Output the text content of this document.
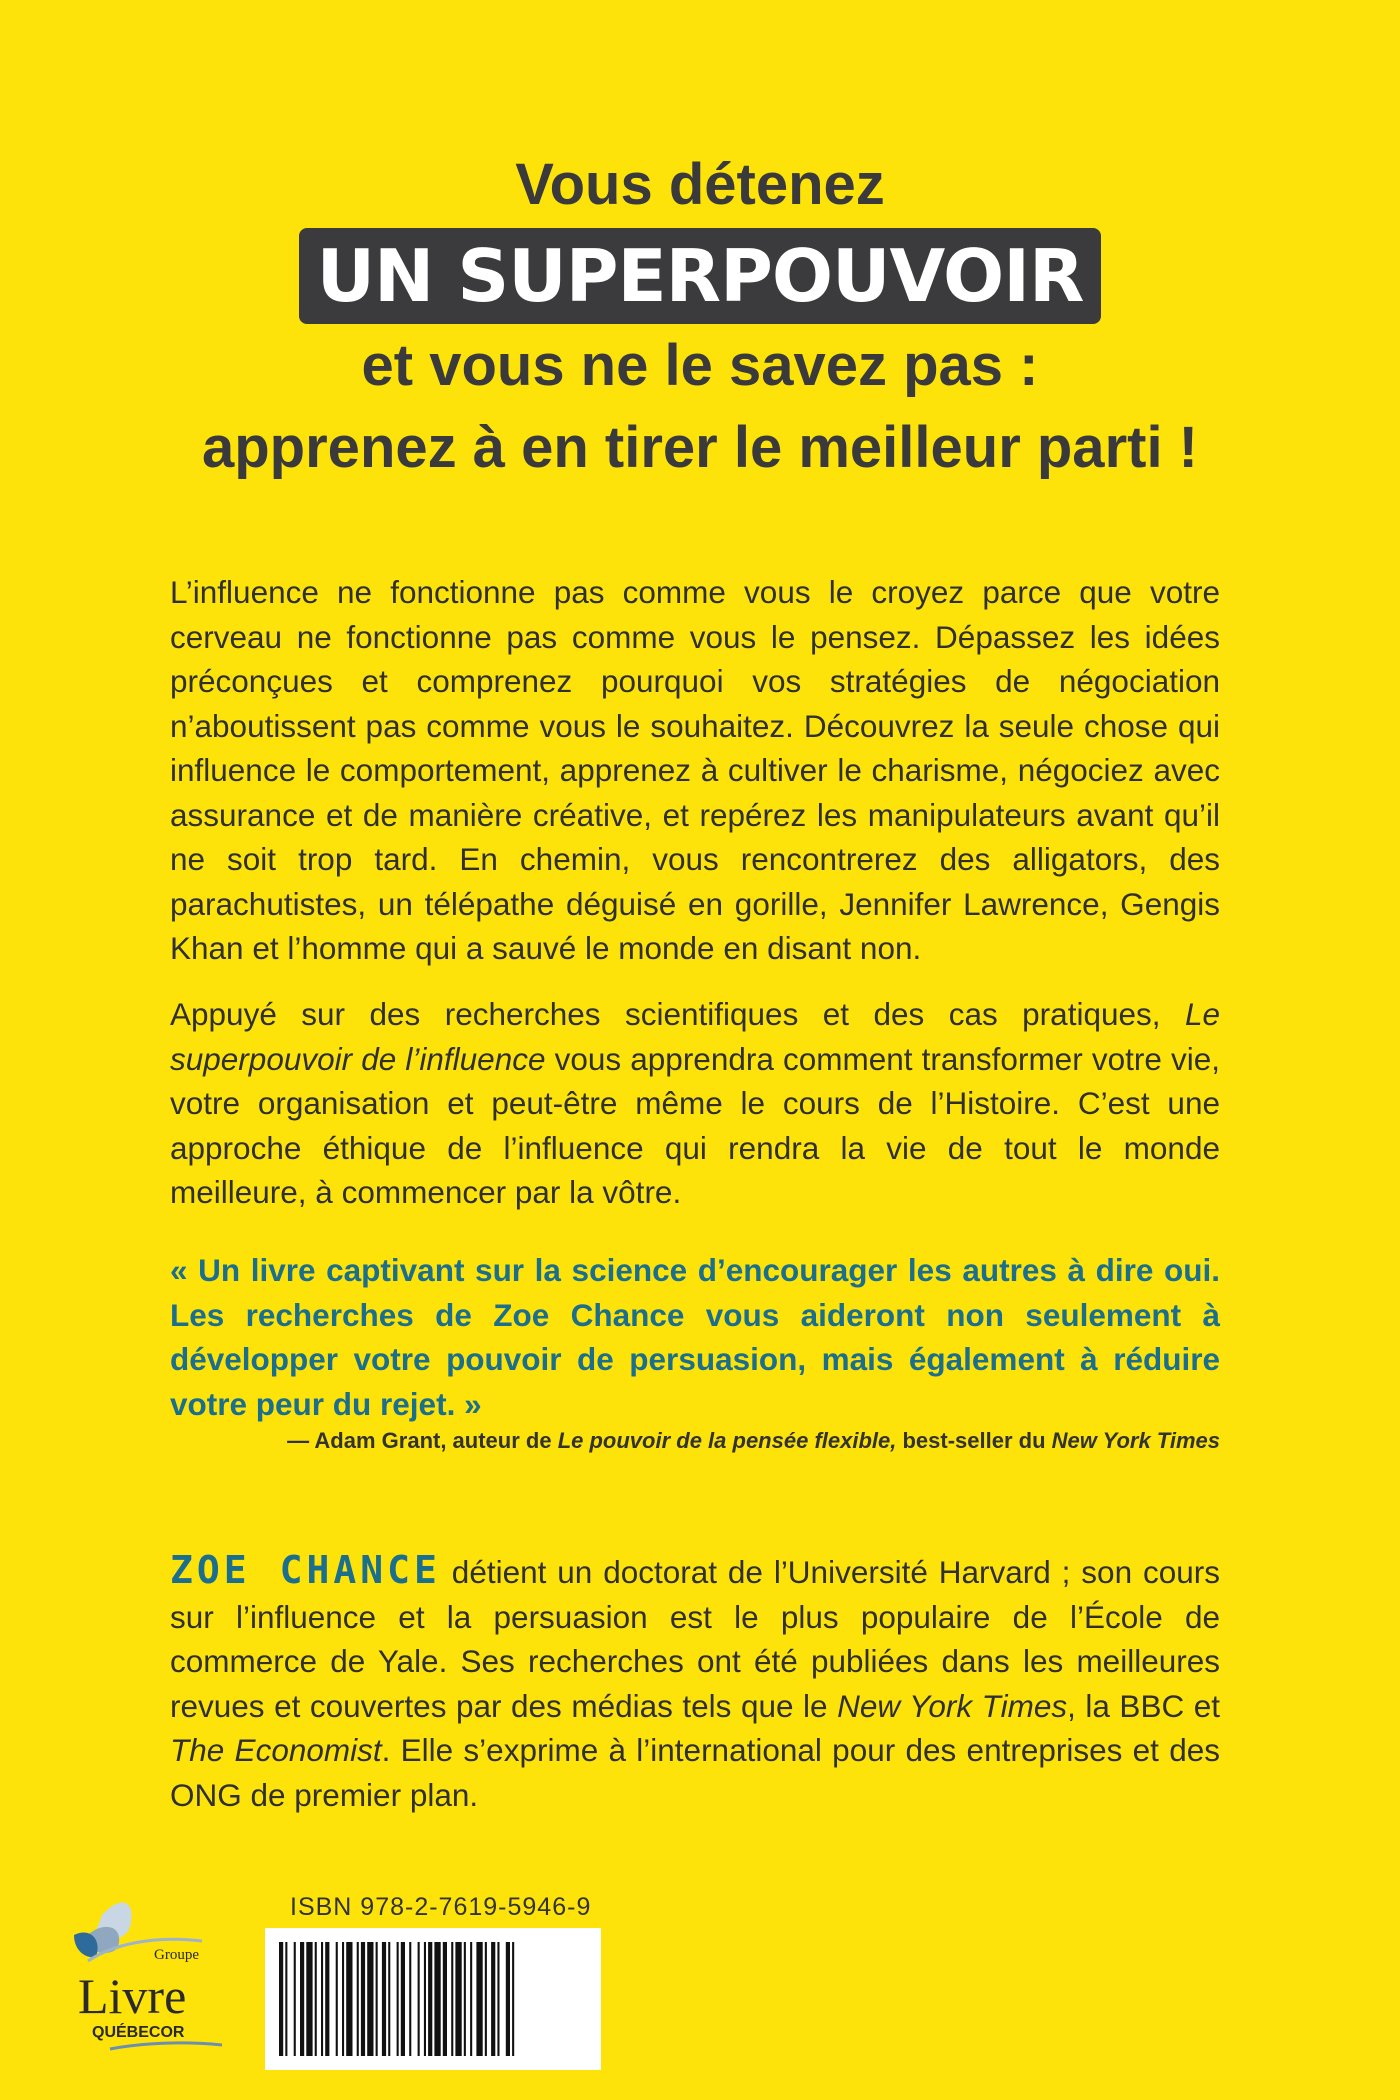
Vous détenez
UN SUPERPOUVOIR
et vous ne le savez pas :
apprenez à en tirer le meilleur parti !
L’influence ne fonctionne pas comme vous le croyez parce que votre cerveau ne fonctionne pas comme vous le pensez. Dépassez les idées préconçues et comprenez pourquoi vos stratégies de négociation n’aboutissent pas comme vous le souhaitez. Découvrez la seule chose qui influence le comportement, apprenez à cultiver le charisme, négociez avec assurance et de manière créative, et repérez les manipulateurs avant qu’il ne soit trop tard. En chemin, vous rencontrerez des alligators, des parachutistes, un télépathe déguisé en gorille, Jennifer Lawrence, Gengis Khan et l’homme qui a sauvé le monde en disant non.
Appuyé sur des recherches scientifiques et des cas pratiques, Le superpouvoir de l’influence vous apprendra comment transformer votre vie, votre organisation et peut-être même le cours de l’Histoire. C’est une approche éthique de l’influence qui rendra la vie de tout le monde meilleure, à commencer par la vôtre.
« Un livre captivant sur la science d’encourager les autres à dire oui. Les recherches de Zoe Chance vous aideront non seulement à développer votre pouvoir de persuasion, mais également à réduire votre peur du rejet. »
— Adam Grant, auteur de Le pouvoir de la pensée flexible, best-seller du New York Times
ZOE CHANCE détient un doctorat de l’Université Harvard ; son cours sur l’influence et la persuasion est le plus populaire de l’École de commerce de Yale. Ses recherches ont été publiées dans les meilleures revues et couvertes par des médias tels que le New York Times, la BBC et The Economist. Elle s’exprime à l’international pour des entreprises et des ONG de premier plan.
Groupe
Livre
QUÉBECOR
ISBN 978-2-7619-5946-9
